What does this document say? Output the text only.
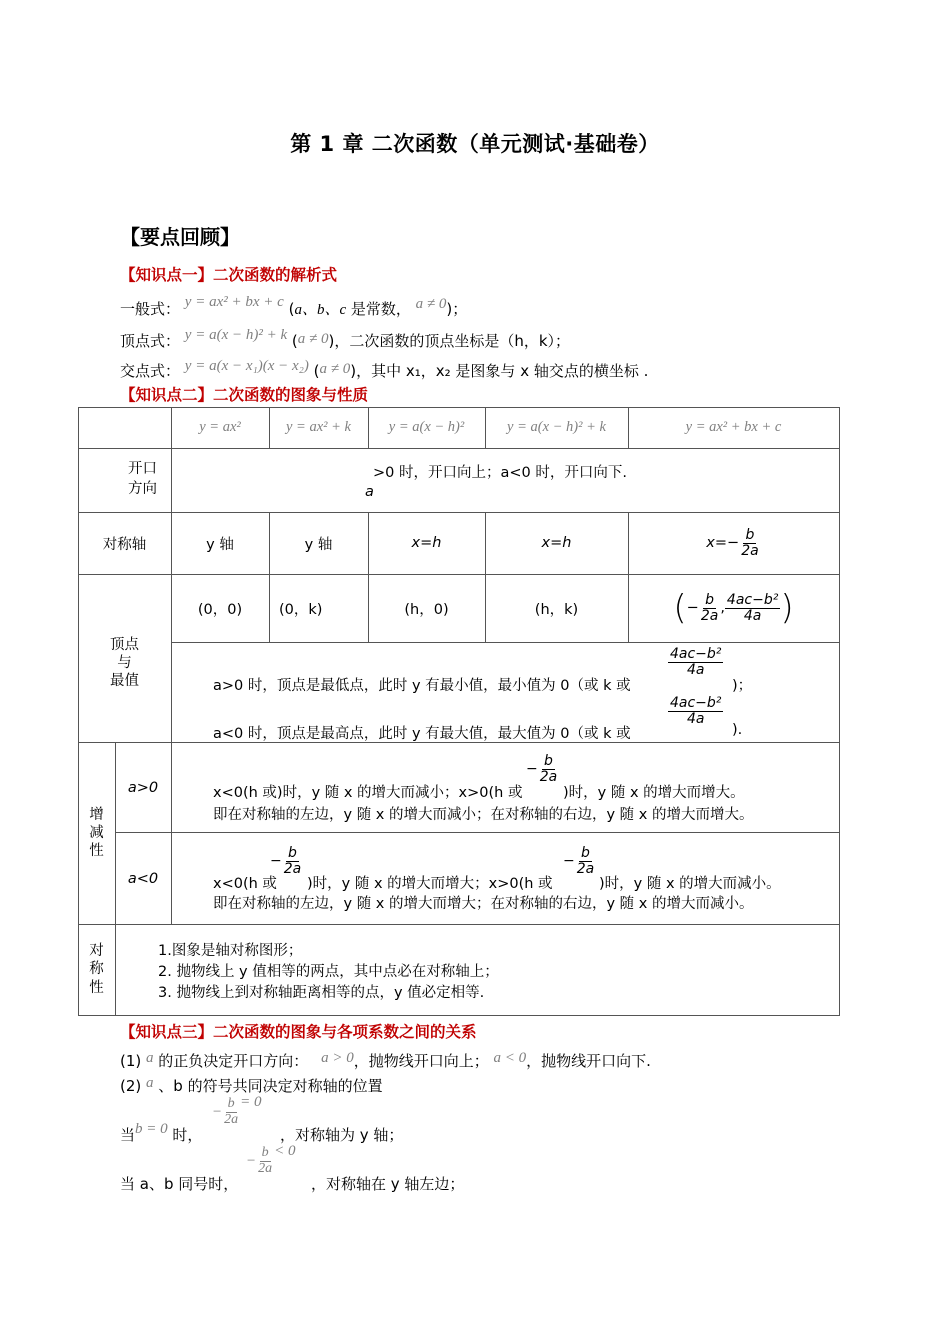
第 1 章 二次函数（单元测试·基础卷）
【要点回顾】
【知识点一】二次函数的解析式
一般式： y = ax² + bx + c (a、b、c 是常数， a ≠ 0)；
顶点式： y = a(x − h)² + k (a ≠ 0)，二次函数的顶点坐标是（h，k）；
交点式： y = a(x − x₁)(x − x₂) (a ≠ 0)，其中 x₁，x₂ 是图象与 x 轴交点的横坐标 .
【知识点二】二次函数的图象与性质
y = ax²	y = ax² + k	y = a(x − h)²	y = a(x − h)² + k	y = ax² + bx + c
开口
方向
>0 时，开口向上；a<0 时，开口向下.
a
对称轴	y 轴	y 轴	x=h	x=h	$x=- \frac{b}{2a}$
顶点
与
最值
(0，0)	(0，k)	(h，0)	(h，k)	( − $\frac{b}{2a}$ , $\frac{\text{4ac−b²}}{4a}$ )
a>0 时，顶点是最低点，此时 y 有最小值，最小值为 0（或 k 或
$\frac{\text{4ac−b²}}{4a}$
)；
a<0 时，顶点是最高点，此时 y 有最大值，最大值为 0（或 k 或
$\frac{\text{4ac−b²}}{4a}$
).
增
减
性
a>0	x<0(h 或)时，y 随 x 的增大而减小；x>0(h 或
− $\frac{b}{2a}$
)时，y 随 x 的增大而增大。
即在对称轴的左边，y 随 x 的增大而减小；在对称轴的右边，y 随 x 的增大而增大。
a<0	x<0(h 或
− $\frac{b}{2a}$
)时，y 随 x 的增大而增大；x>0(h 或
− $\frac{b}{2a}$
)时，y 随 x 的增大而减小。
即在对称轴的左边，y 随 x 的增大而增大；在对称轴的右边，y 随 x 的增大而减小。
对
称
性
1.图象是轴对称图形；
2. 抛物线上 y 值相等的两点，其中点必在对称轴上；
3. 抛物线上到对称轴距离相等的点，y 值必定相等.
【知识点三】二次函数的图象与各项系数之间的关系
(1) a 的正负决定开口方向： a > 0，抛物线开口向上； a < 0，抛物线开口向下.
(2) a 、b 的符号共同决定对称轴的位置
当b = 0 时，
− $\frac{b}{2a} = 0$
，对称轴为 y 轴；
当 a、b 同号时，
− $\frac{b}{2a} < 0$
，对称轴在 y 轴左边；
